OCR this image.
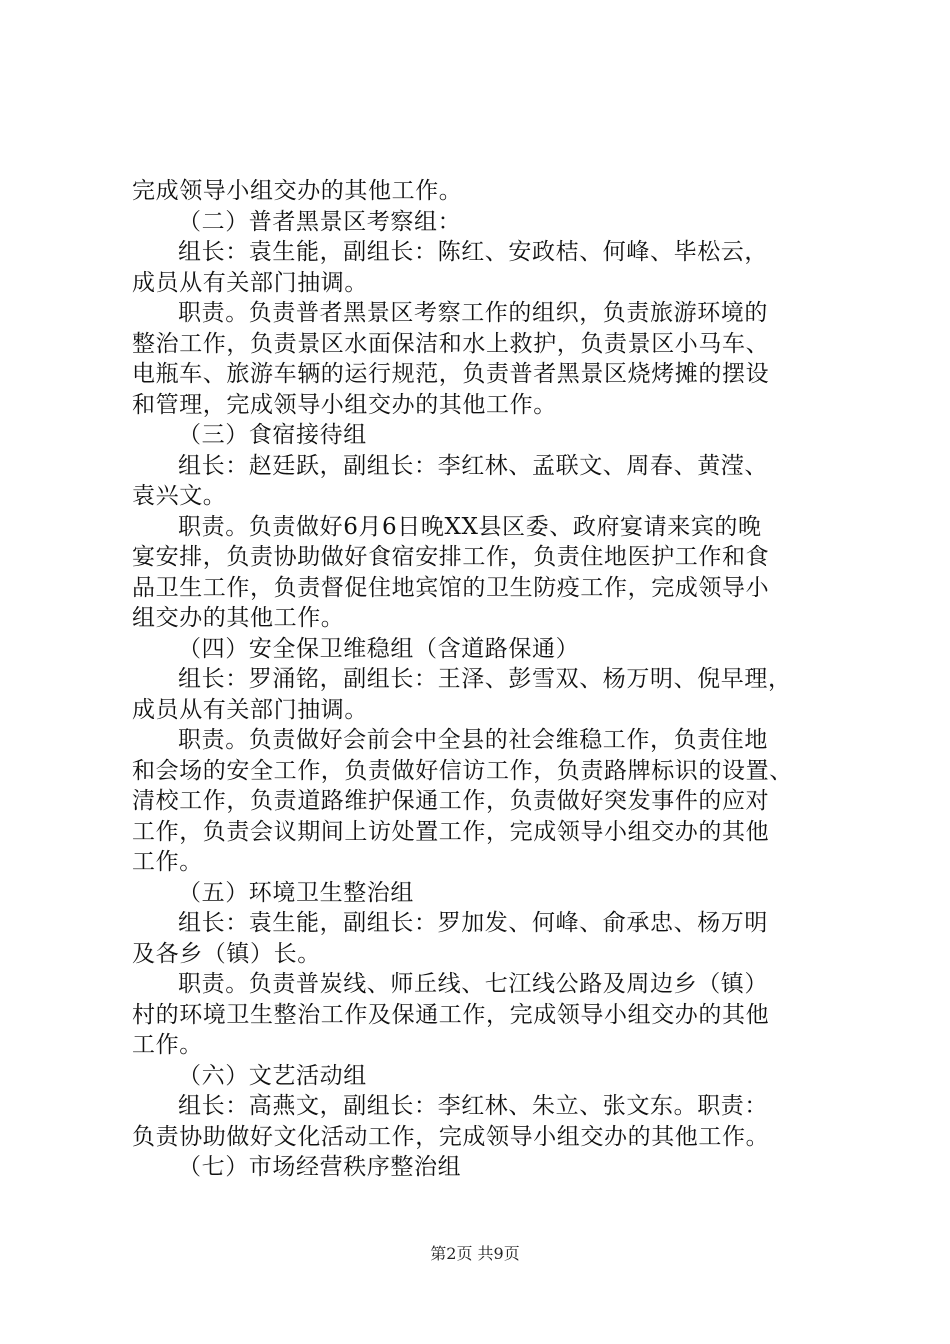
完成领导小组交办的其他工作。
（二）普者黑景区考察组：
组长：袁生能，副组长：陈红、安政桔、何峰、毕松云，
成员从有关部门抽调。
职责。负责普者黑景区考察工作的组织，负责旅游环境的
整治工作，负责景区水面保洁和水上救护，负责景区小马车、
电瓶车、旅游车辆的运行规范，负责普者黑景区烧烤摊的摆设
和管理，完成领导小组交办的其他工作。
（三）食宿接待组
组长：赵廷跃，副组长：李红林、孟联文、周春、黄滢、
袁兴文。
职责。负责做好6月6日晚XX县区委、政府宴请来宾的晚
宴安排，负责协助做好食宿安排工作，负责住地医护工作和食
品卫生工作，负责督促住地宾馆的卫生防疫工作，完成领导小
组交办的其他工作。
（四）安全保卫维稳组（含道路保通）
组长：罗涌铭，副组长：王泽、彭雪双、杨万明、倪早理，
成员从有关部门抽调。
职责。负责做好会前会中全县的社会维稳工作，负责住地
和会场的安全工作，负责做好信访工作，负责路牌标识的设置、
清校工作，负责道路维护保通工作，负责做好突发事件的应对
工作，负责会议期间上访处置工作，完成领导小组交办的其他
工作。
（五）环境卫生整治组
组长：袁生能，副组长：罗加发、何峰、俞承忠、杨万明
及各乡（镇）长。
职责。负责普炭线、师丘线、七江线公路及周边乡（镇）
村的环境卫生整治工作及保通工作，完成领导小组交办的其他
工作。
（六）文艺活动组
组长：高燕文，副组长：李红林、朱立、张文东。职责：
负责协助做好文化活动工作，完成领导小组交办的其他工作。
（七）市场经营秩序整治组
第2页 共9页
